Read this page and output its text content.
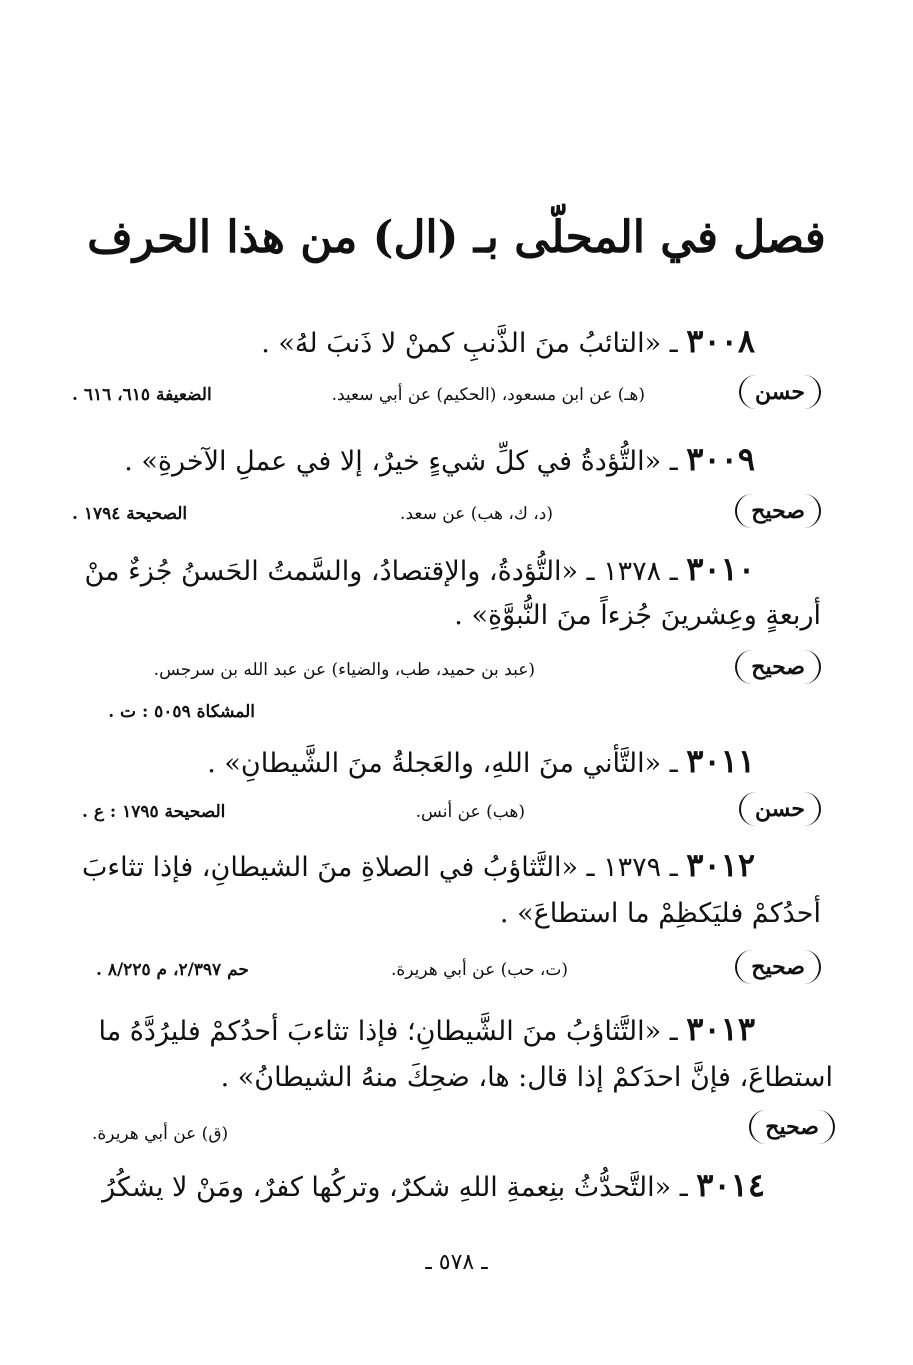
فصل في المحلّى بـ (ال) من هذا الحرف
٣٠٠٨ ـ «التائبُ منَ الذَّنبِ كمنْ لا ذَنبَ لهُ» .
حسن
(هـ) عن ابن مسعود، (الحكيم) عن أبي سعيد.
الضعيفة ٦١٥، ٦١٦ .
٣٠٠٩ ـ «التُّؤدةُ في كلِّ شيءٍ خيرٌ، إلا في عملِ الآخرةِ» .
صحيح
(د، ك، هب) عن سعد.
الصحيحة ١٧٩٤ .
٣٠١٠ ـ ١٣٧٨ ـ «التُّؤدةُ، والإقتصادُ، والسَّمتُ الحَسنُ جُزءٌ منْ
أربعةٍ وعِشرينَ جُزءاً منَ النُّبوَّةِ» .
صحيح
(عبد بن حميد، طب، والضياء) عن عبد الله بن سرجس.
المشكاة ٥٠٥٩ : ت .
٣٠١١ ـ «التَّأني منَ اللهِ، والعَجلةُ منَ الشَّيطانِ» .
حسن
(هب) عن أنس.
الصحيحة ١٧٩٥ : ع .
٣٠١٢ ـ ١٣٧٩ ـ «التَّثاؤبُ في الصلاةِ منَ الشيطانِ، فإذا تثاءبَ
أحدُكمْ فليَكظِمْ ما استطاعَ» .
صحيح
(ت، حب) عن أبي هريرة.
حم ٢/٣٩٧، م ٨/٢٢٥ .
٣٠١٣ ـ «التَّثاؤبُ منَ الشَّيطانِ؛ فإذا تثاءبَ أحدُكمْ فليرُدَّهُ ما
استطاعَ، فإنَّ احدَكمْ إذا قال: ها، ضحِكَ منهُ الشيطانُ» .
صحيح
(ق) عن أبي هريرة.
٣٠١٤ ـ «التَّحدُّثُ بنِعمةِ اللهِ شكرٌ، وتركُها كفرٌ، ومَنْ لا يشكُرُ
ـ ٥٧٨ ـ
